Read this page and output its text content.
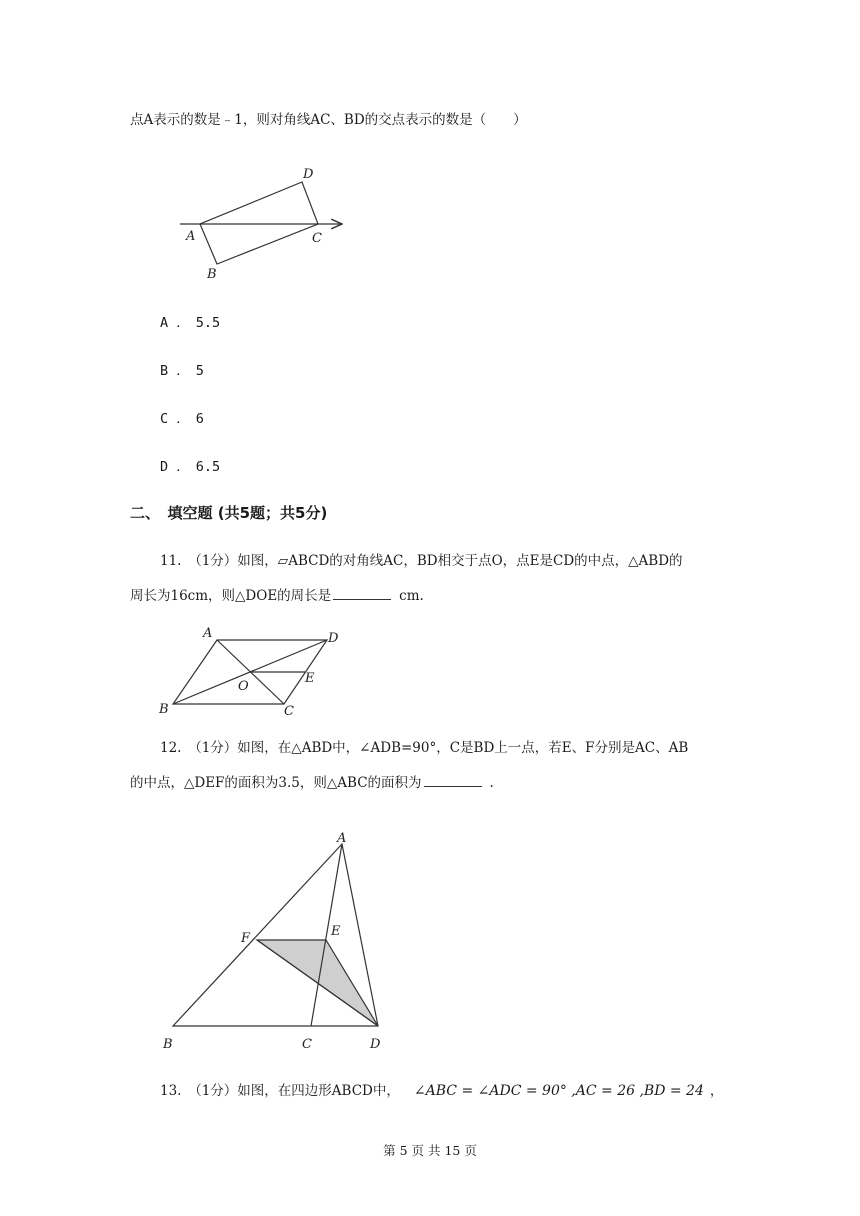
点A表示的数是﹣1，则对角线AC、BD的交点表示的数是（　　）
A
B
C
D
A ． 5.5
B ． 5
C ． 6
D ． 6.5
二、　填空题 (共5题；共5分)
11.　（1分）如图，▱ABCD的对角线AC，BD相交于点O，点E是CD的中点，△ABD的
周长为16cm，则△DOE的周长是	cm.
A	D
B	C
O
E
12.　（1分）如图，在△ABD中，∠ADB=90°，C是BD上一点，若E、F分别是AC、AB
的中点，△DEF的面积为3.5，则△ABC的面积为	.
A
F	E
B	C	D
13.　（1分）如图，在四边形ABCD中， ∠ABC = ∠ADC = 90° ,AC = 26 ,BD = 24 ，
第 5 页 共 15 页
